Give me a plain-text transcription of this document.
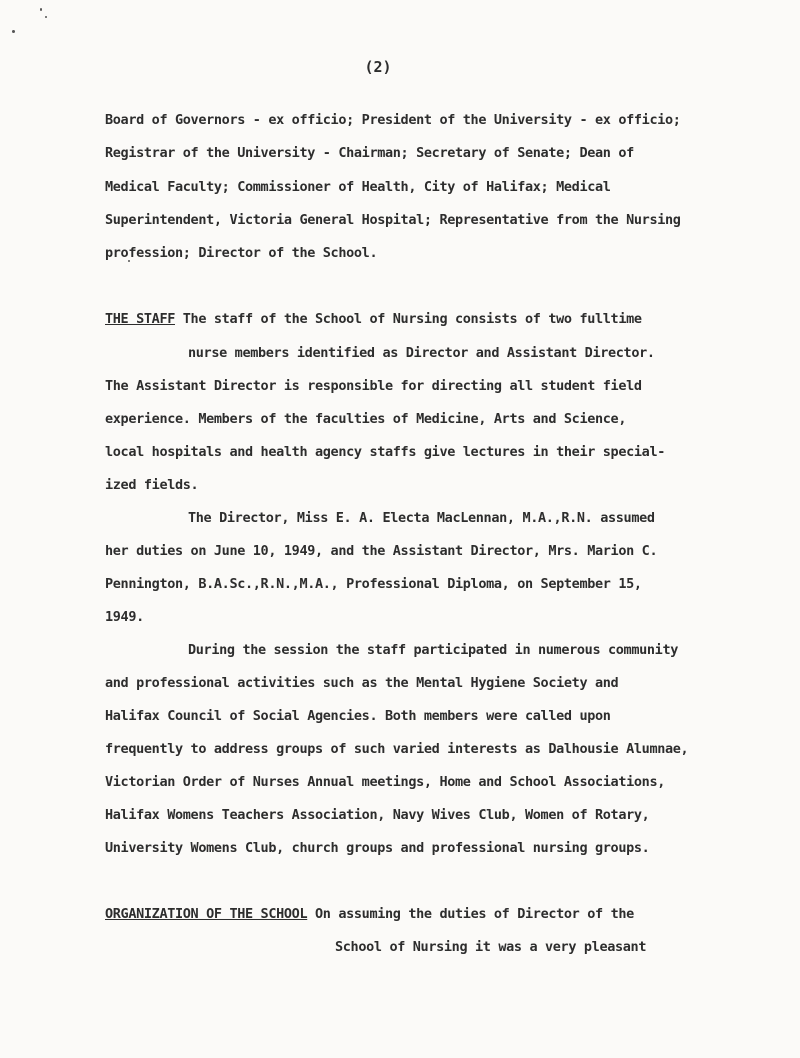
(2)
Board of Governors - ex officio; President of the University - ex officio;
Registrar of the University - Chairman; Secretary of Senate; Dean of
Medical Faculty; Commissioner of Health, City of Halifax; Medical
Superintendent, Victoria General Hospital; Representative from the Nursing
profession; Director of the School.
THE STAFF The staff of the School of Nursing consists of two fulltime
nurse members identified as Director and Assistant Director.
The Assistant Director is responsible for directing all student field
experience. Members of the faculties of Medicine, Arts and Science,
local hospitals and health agency staffs give lectures in their special-
ized fields.
The Director, Miss E. A. Electa MacLennan, M.A.,R.N. assumed
her duties on June 10, 1949, and the Assistant Director, Mrs. Marion C.
Pennington, B.A.Sc.,R.N.,M.A., Professional Diploma, on September 15,
1949.
During the session the staff participated in numerous community
and professional activities such as the Mental Hygiene Society and
Halifax Council of Social Agencies. Both members were called upon
frequently to address groups of such varied interests as Dalhousie Alumnae,
Victorian Order of Nurses Annual meetings, Home and School Associations,
Halifax Womens Teachers Association, Navy Wives Club, Women of Rotary,
University Womens Club, church groups and professional nursing groups.
ORGANIZATION OF THE SCHOOL On assuming the duties of Director of the
School of Nursing it was a very pleasant
